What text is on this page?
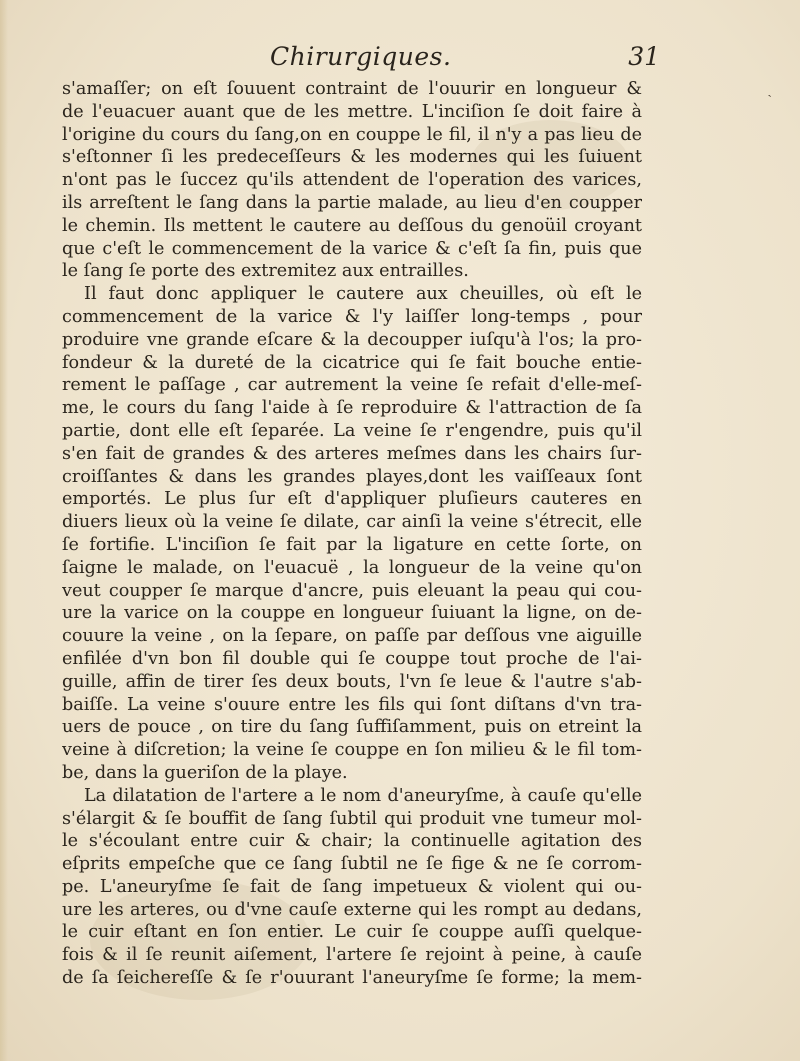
Chirurgiques.	31
ˎ
s'amaſſer; on eſt ſouuent contraint de l'ouurir en longueur &
de l'euacuer auant que de les mettre. L'inciſion ſe doit faire à
l'origine du cours du ſang,on en couppe le fil, il n'y a pas lieu de
s'eſtonner ſi les predeceſſeurs & les modernes qui les ſuiuent
n'ont pas le ſuccez qu'ils attendent de l'operation des varices,
ils arreſtent le ſang dans la partie malade, au lieu d'en coupper
le chemin. Ils mettent le cautere au deſſous du genoüil croyant
que c'eſt le commencement de la varice & c'eſt ſa fin, puis que
le ſang ſe porte des extremitez aux entrailles.
Il faut donc appliquer le cautere aux cheuilles, où eſt le
commencement de la varice & l'y laiſſer long-temps , pour
produire vne grande eſcare & la decoupper iuſqu'à l'os; la pro-
fondeur & la dureté de la cicatrice qui ſe fait bouche entie-
rement le paſſage , car autrement la veine ſe refait d'elle-meſ-
me, le cours du ſang l'aide à ſe reproduire & l'attraction de ſa
partie, dont elle eſt ſeparée. La veine ſe r'engendre, puis qu'il
s'en fait de grandes & des arteres meſmes dans les chairs ſur-
croiſſantes & dans les grandes playes,dont les vaiſſeaux ſont
emportés. Le plus ſur eſt d'appliquer pluſieurs cauteres en
diuers lieux où la veine ſe dilate, car ainſi la veine s'étrecit, elle
ſe fortifie. L'inciſion ſe fait par la ligature en cette ſorte, on
ſaigne le malade, on l'euacuë , la longueur de la veine qu'on
veut coupper ſe marque d'ancre, puis eleuant la peau qui cou-
ure la varice on la couppe en longueur ſuiuant la ligne, on de-
couure la veine , on la ſepare, on paſſe par deſſous vne aiguille
enfilée d'vn bon fil double qui ſe couppe tout proche de l'ai-
guille, affin de tirer ſes deux bouts, l'vn ſe leue & l'autre s'ab-
baiſſe. La veine s'ouure entre les fils qui ſont diſtans d'vn tra-
uers de pouce , on tire du ſang ſuffiſamment, puis on etreint la
veine à diſcretion; la veine ſe couppe en ſon milieu & le fil tom-
be, dans la gueriſon de la playe.
La dilatation de l'artere a le nom d'aneuryſme, à cauſe qu'elle
s'élargit & ſe bouffit de ſang ſubtil qui produit vne tumeur mol-
le s'écoulant entre cuir & chair; la continuelle agitation des
eſprits empeſche que ce ſang ſubtil ne ſe fige & ne ſe corrom-
pe. L'aneuryſme ſe fait de ſang impetueux & violent qui ou-
ure les arteres, ou d'vne cauſe externe qui les rompt au dedans,
le cuir eſtant en ſon entier. Le cuir ſe couppe auſſi quelque-
fois & il ſe reunit aiſement, l'artere ſe rejoint à peine, à cauſe
de ſa ſeichereſſe & ſe r'ouurant l'aneuryſme ſe forme; la mem-
